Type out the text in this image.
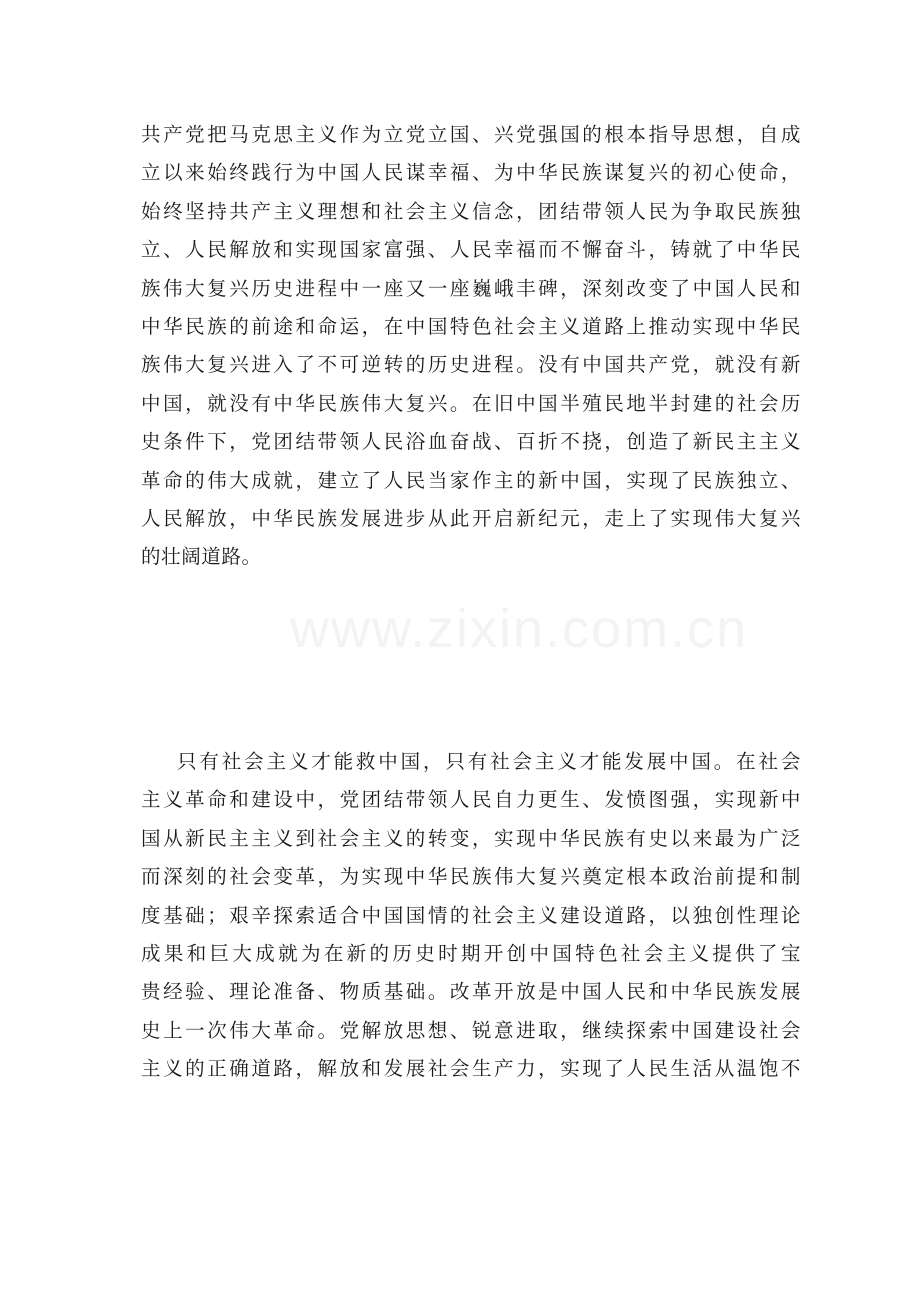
www.zixin.com.cn
共产党把马克思主义作为立党立国、兴党强国的根本指导思想，自成
立以来始终践行为中国人民谋幸福、为中华民族谋复兴的初心使命，
始终坚持共产主义理想和社会主义信念，团结带领人民为争取民族独
立、人民解放和实现国家富强、人民幸福而不懈奋斗，铸就了中华民
族伟大复兴历史进程中一座又一座巍峨丰碑，深刻改变了中国人民和
中华民族的前途和命运，在中国特色社会主义道路上推动实现中华民
族伟大复兴进入了不可逆转的历史进程。没有中国共产党，就没有新
中国，就没有中华民族伟大复兴。在旧中国半殖民地半封建的社会历
史条件下，党团结带领人民浴血奋战、百折不挠，创造了新民主主义
革命的伟大成就，建立了人民当家作主的新中国，实现了民族独立、
人民解放，中华民族发展进步从此开启新纪元，走上了实现伟大复兴
的壮阔道路。
只有社会主义才能救中国，只有社会主义才能发展中国。在社会
主义革命和建设中，党团结带领人民自力更生、发愤图强，实现新中
国从新民主主义到社会主义的转变，实现中华民族有史以来最为广泛
而深刻的社会变革，为实现中华民族伟大复兴奠定根本政治前提和制
度基础；艰辛探索适合中国国情的社会主义建设道路，以独创性理论
成果和巨大成就为在新的历史时期开创中国特色社会主义提供了宝
贵经验、理论准备、物质基础。改革开放是中国人民和中华民族发展
史上一次伟大革命。党解放思想、锐意进取，继续探索中国建设社会
主义的正确道路，解放和发展社会生产力，实现了人民生活从温饱不
